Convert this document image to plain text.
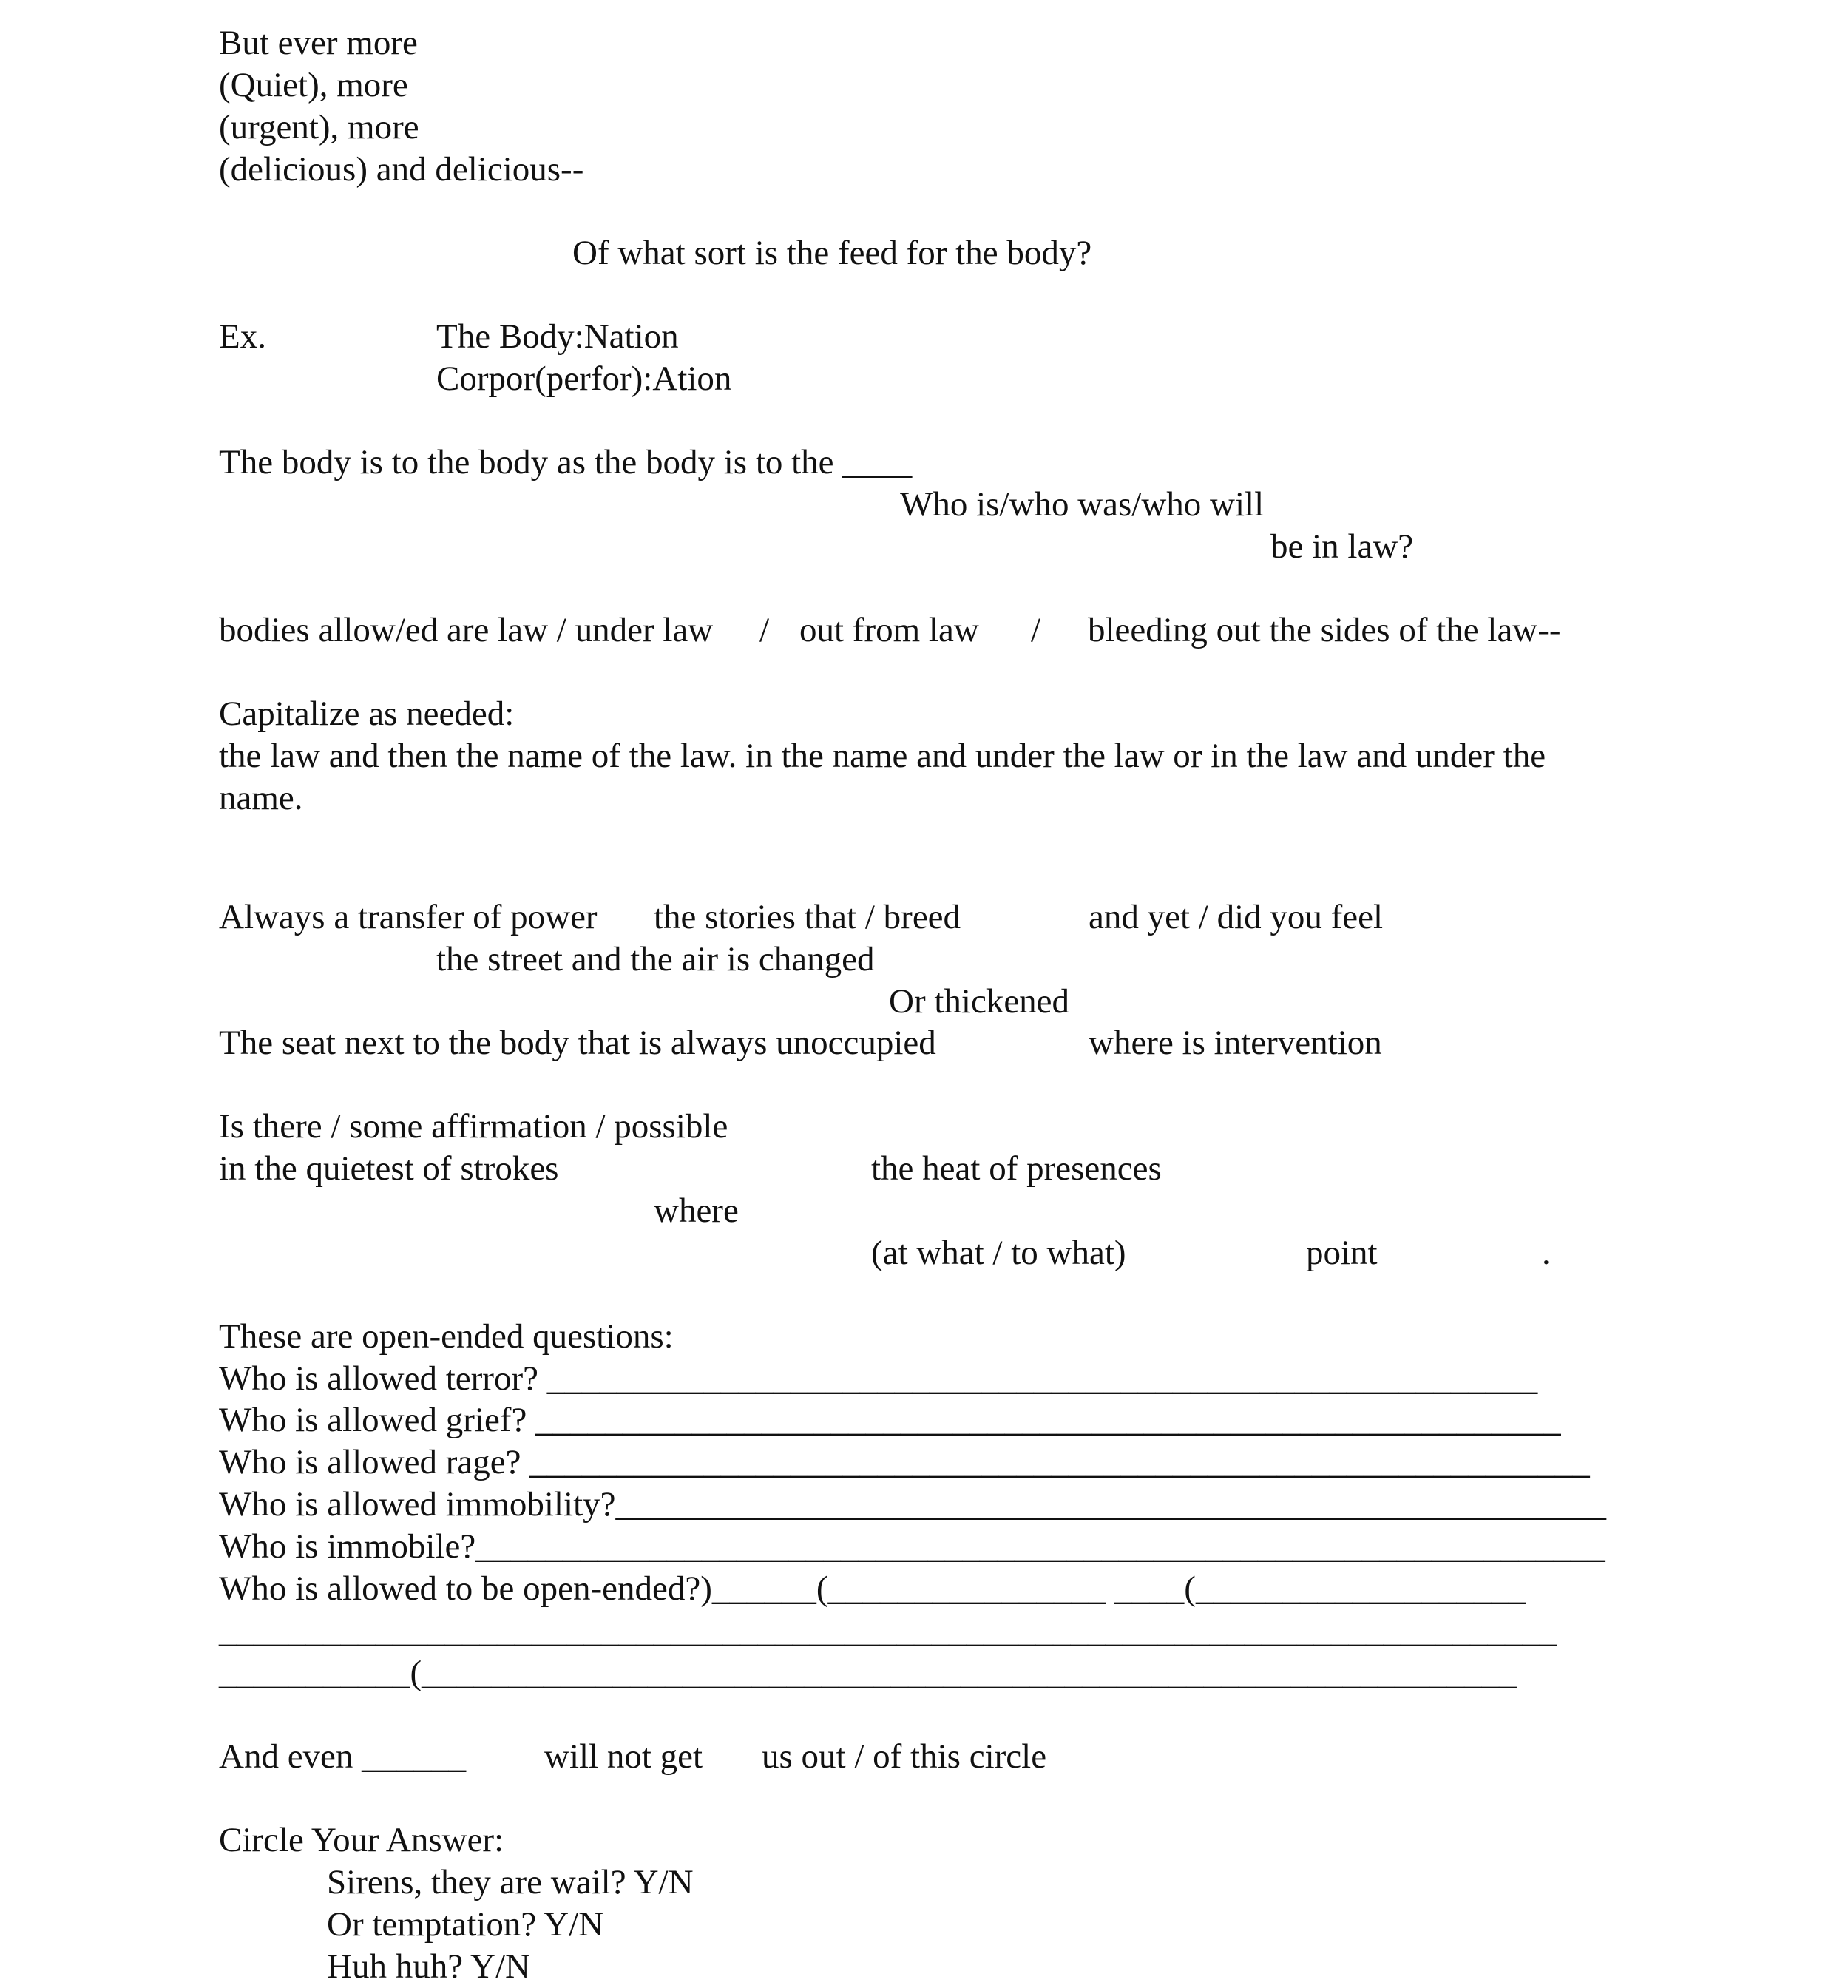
But ever more
(Quiet), more
(urgent), more
(delicious) and delicious--
Of what sort is the feed for the body?
Ex.	The Body:Nation
Corpor(perfor):Ation
The body is to the body as the body is to the ____
Who is/who was/who will
be in law?
bodies allow/ed are law / under law / out from law / bleeding out the sides of the law--
Capitalize as needed:
the law and then the name of the law. in the name and under the law or in the law and under the
name.
Always a transfer of power the stories that / breed	and yet / did you feel
the street and the air is changed
Or thickened
The seat next to the body that is always unoccupied	where is intervention
Is there / some affirmation / possible
in the quietest of strokes	the heat of presences
where
(at what / to what)	point	.
These are open-ended questions:
Who is allowed terror? _________________________________________________________
Who is allowed grief? ___________________________________________________________
Who is allowed rage? _____________________________________________________________
Who is allowed immobility?_________________________________________________________
Who is immobile?_________________________________________________________________
Who is allowed to be open-ended?)______(________________ ____(___________________
_____________________________________________________________________________
___________(_______________________________________________________________
And even ______ will not get us out / of this circle
Circle Your Answer:
Sirens, they are wail? Y/N
Or temptation? Y/N
Huh huh? Y/N
